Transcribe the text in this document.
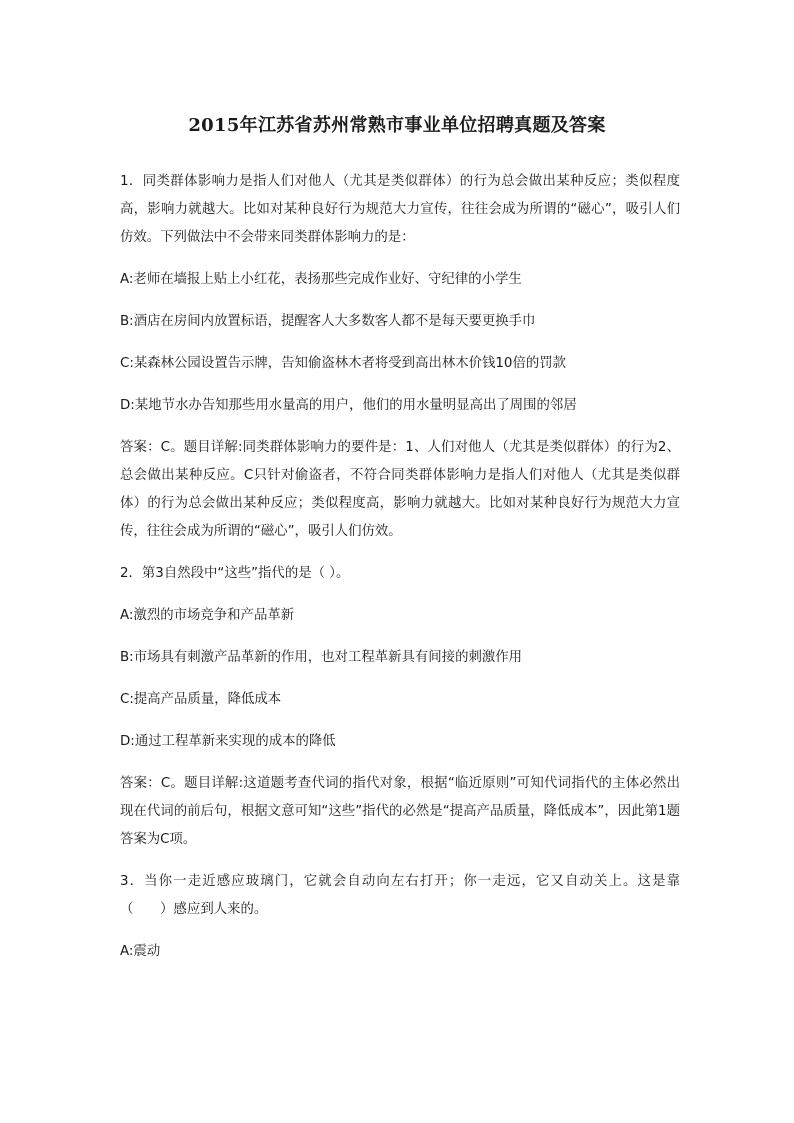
2015年江苏省苏州常熟市事业单位招聘真题及答案

1．同类群体影响力是指人们对他人（尤其是类似群体）的行为总会做出某种反应；类似程度高，影响力就越大。比如对某种良好行为规范大力宣传，往往会成为所谓的“磁心”，吸引人们仿效。下列做法中不会带来同类群体影响力的是：

A:老师在墙报上贴上小红花，表扬那些完成作业好、守纪律的小学生

B:酒店在房间内放置标语，提醒客人大多数客人都不是每天要更换手巾

C:某森林公园设置告示牌，告知偷盗林木者将受到高出林木价钱10倍的罚款

D:某地节水办告知那些用水量高的用户，他们的用水量明显高出了周围的邻居

答案：C。题目详解:同类群体影响力的要件是：1、人们对他人（尤其是类似群体）的行为2、总会做出某种反应。C只针对偷盗者，不符合同类群体影响力是指人们对他人（尤其是类似群体）的行为总会做出某种反应；类似程度高，影响力就越大。比如对某种良好行为规范大力宣传，往往会成为所谓的“磁心”，吸引人们仿效。

2．第3自然段中“这些”指代的是（ ）。

A:激烈的市场竞争和产品革新

B:市场具有刺激产品革新的作用，也对工程革新具有间接的刺激作用

C:提高产品质量，降低成本

D:通过工程革新来实现的成本的降低

答案：C。题目详解:这道题考查代词的指代对象，根据“临近原则”可知代词指代的主体必然出现在代词的前后句，根据文意可知“这些”指代的必然是“提高产品质量，降低成本”，因此第1题答案为C项。

3．当你一走近感应玻璃门，它就会自动向左右打开；你一走远，它又自动关上。这是靠（　　）感应到人来的。

A:震动
